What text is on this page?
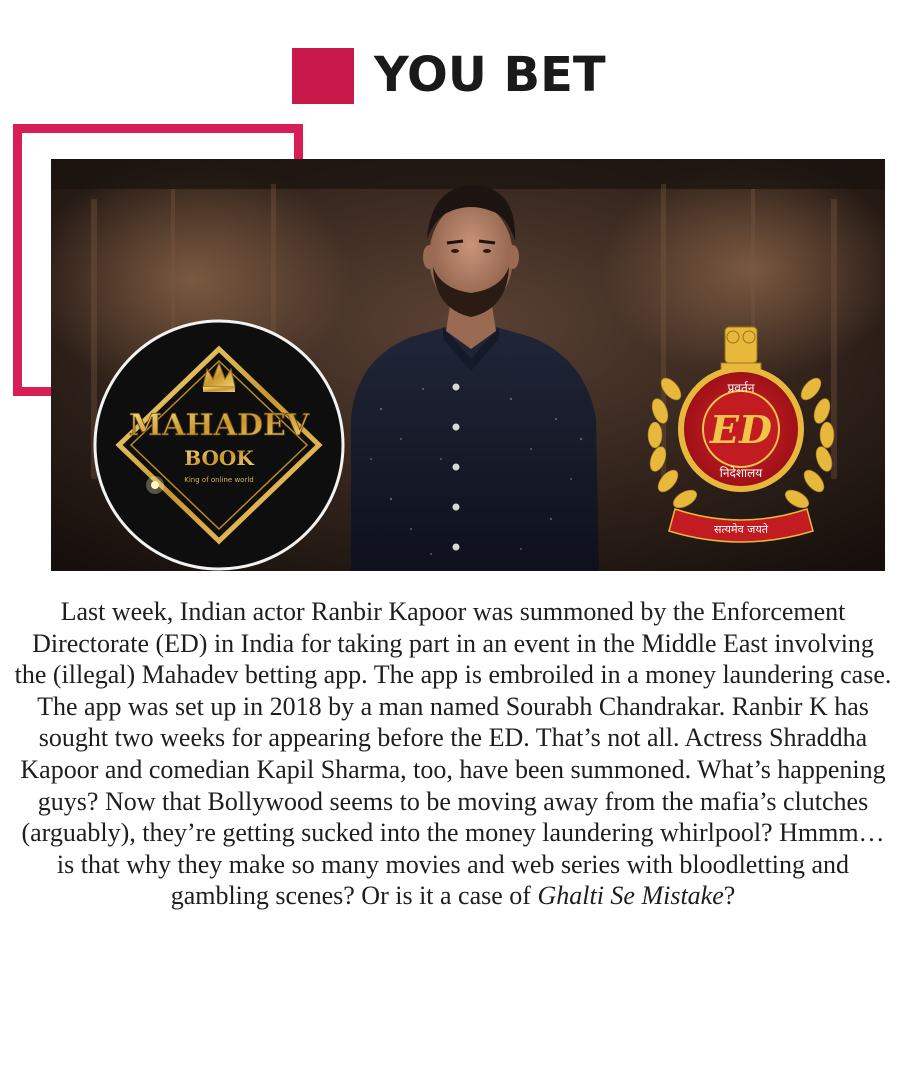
YOU BET
MAHADEV
BOOK
King of online world
प्रवर्तन
ED
निदेशालय
सत्यमेव जयते

Last week, Indian actor Ranbir Kapoor was summoned by the Enforcement Directorate (ED) in India for taking part in an event in the Middle East involving the (illegal) Mahadev betting app. The app is embroiled in a money laundering case. The app was set up in 2018 by a man named Sourabh Chandrakar. Ranbir K has sought two weeks for appearing before the ED. That’s not all. Actress Shraddha Kapoor and comedian Kapil Sharma, too, have been summoned. What’s happening guys? Now that Bollywood seems to be moving away from the mafia’s clutches (arguably), they’re getting sucked into the money laundering whirlpool? Hmmm… is that why they make so many movies and web series with bloodletting and gambling scenes? Or is it a case of Ghalti Se Mistake?
